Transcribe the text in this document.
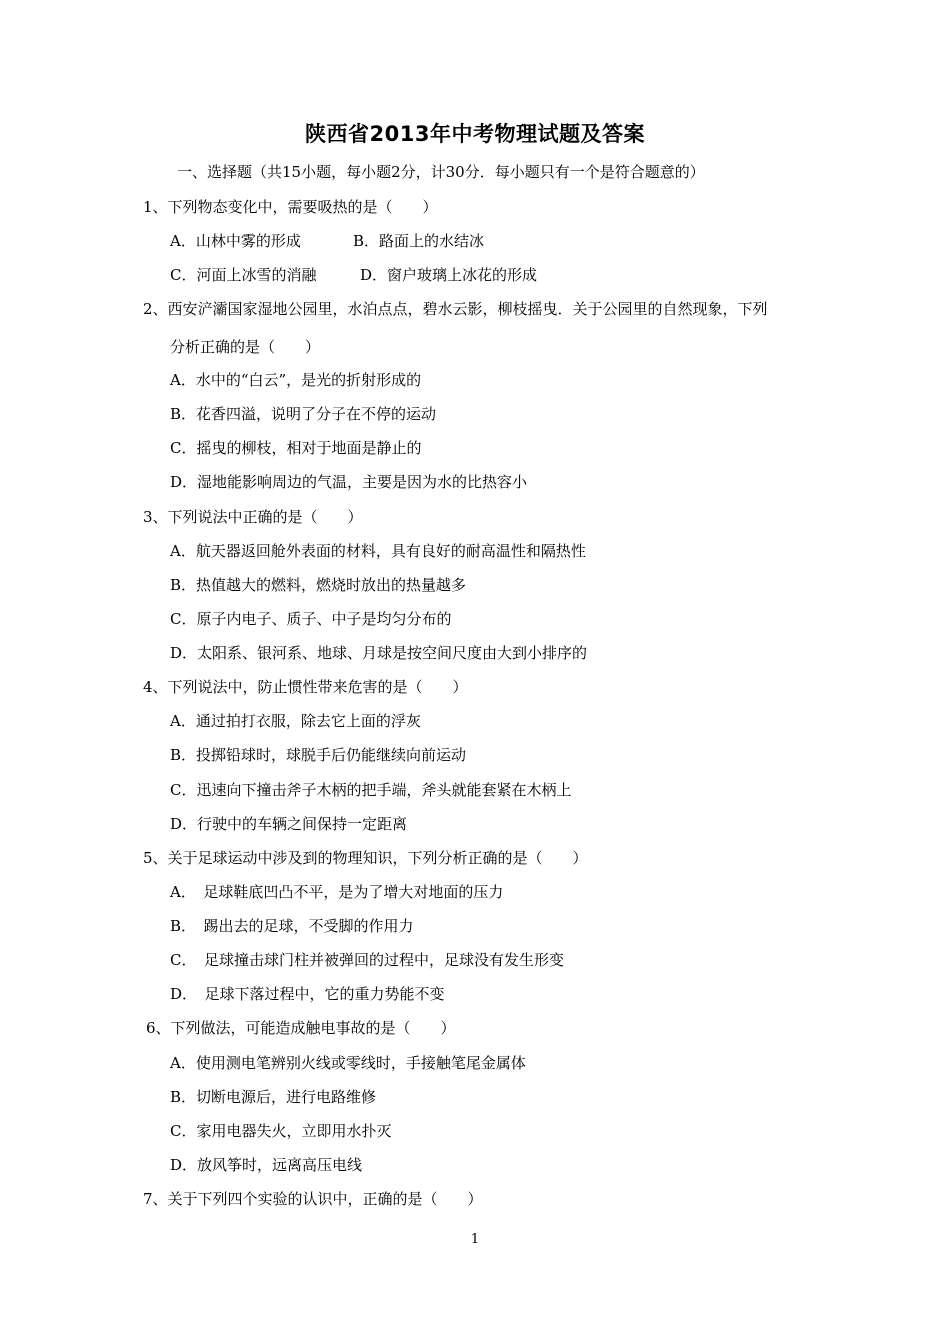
陕西省2013年中考物理试题及答案
一、选择题（共15小题，每小题2分，计30分．每小题只有一个是符合题意的）
1、下列物态变化中，需要吸热的是（　　）
A．山林中雾的形成	B．路面上的水结冰
C．河面上冰雪的消融	D．窗户玻璃上冰花的形成
2、西安浐灞国家湿地公园里，水泊点点，碧水云影，柳枝摇曳．关于公园里的自然现象，下列
分析正确的是（　　）
A．水中的“白云”，是光的折射形成的
B．花香四溢，说明了分子在不停的运动
C．摇曳的柳枝，相对于地面是静止的
D．湿地能影响周边的气温，主要是因为水的比热容小
3、下列说法中正确的是（　　）
A．航天器返回舱外表面的材料，具有良好的耐高温性和隔热性
B．热值越大的燃料，燃烧时放出的热量越多
C．原子内电子、质子、中子是均匀分布的
D．太阳系、银河系、地球、月球是按空间尺度由大到小排序的
4、下列说法中，防止惯性带来危害的是（　　）
A．通过拍打衣服，除去它上面的浮灰
B．投掷铅球时，球脱手后仍能继续向前运动
C．迅速向下撞击斧子木柄的把手端，斧头就能套紧在木柄上
D．行驶中的车辆之间保持一定距离
5、关于足球运动中涉及到的物理知识，下列分析正确的是（　　）
A．　足球鞋底凹凸不平，是为了增大对地面的压力
B．　踢出去的足球，不受脚的作用力
C．　足球撞击球门柱并被弹回的过程中，足球没有发生形变
D．　足球下落过程中，它的重力势能不变
6、下列做法，可能造成触电事故的是（　　）
A．使用测电笔辨别火线或零线时，手接触笔尾金属体
B．切断电源后，进行电路维修
C．家用电器失火，立即用水扑灭
D．放风筝时，远离高压电线
7、关于下列四个实验的认识中，正确的是（　　）
1
